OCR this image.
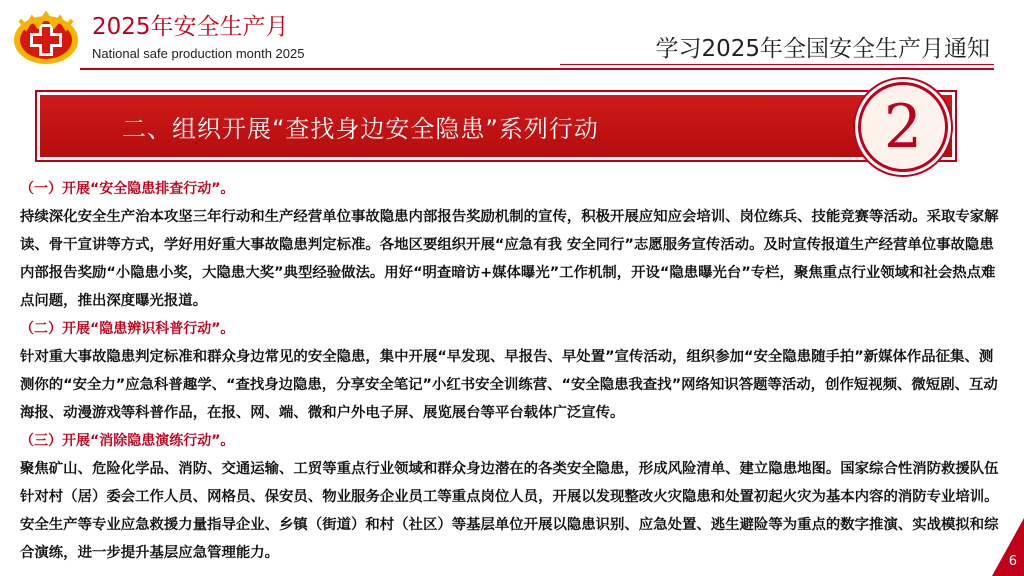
2025年安全生产月
National safe production month 2025	学习2025年全国安全生产月通知
二、组织开展“查找身边安全隐患”系列行动	2
（一）开展“安全隐患排查行动”。
持续深化安全生产治本攻坚三年行动和生产经营单位事故隐患内部报告奖励机制的宣传，积极开展应知应会培训、岗位练兵、技能竞赛等活动。采取专家解读、骨干宣讲等方式，学好用好重大事故隐患判定标准。各地区要组织开展“应急有我 安全同行”志愿服务宣传活动。及时宣传报道生产经营单位事故隐患内部报告奖励“小隐患小奖，大隐患大奖”典型经验做法。用好“明查暗访+媒体曝光”工作机制，开设“隐患曝光台”专栏，聚焦重点行业领域和社会热点难点问题，推出深度曝光报道。
（二）开展“隐患辨识科普行动”。
针对重大事故隐患判定标准和群众身边常见的安全隐患，集中开展“早发现、早报告、早处置”宣传活动，组织参加“安全隐患随手拍”新媒体作品征集、测测你的“安全力”应急科普趣学、“查找身边隐患，分享安全笔记”小红书安全训练营、“安全隐患我查找”网络知识答题等活动，创作短视频、微短剧、互动海报、动漫游戏等科普作品，在报、网、端、微和户外电子屏、展览展台等平台载体广泛宣传。
（三）开展“消除隐患演练行动”。
聚焦矿山、危险化学品、消防、交通运输、工贸等重点行业领域和群众身边潜在的各类安全隐患，形成风险清单、建立隐患地图。国家综合性消防救援队伍针对村（居）委会工作人员、网格员、保安员、物业服务企业员工等重点岗位人员，开展以发现整改火灾隐患和处置初起火灾为基本内容的消防专业培训。安全生产等专业应急救援力量指导企业、乡镇（街道）和村（社区）等基层单位开展以隐患识别、应急处置、逃生避险等为重点的数字推演、实战模拟和综合演练，进一步提升基层应急管理能力。
6
